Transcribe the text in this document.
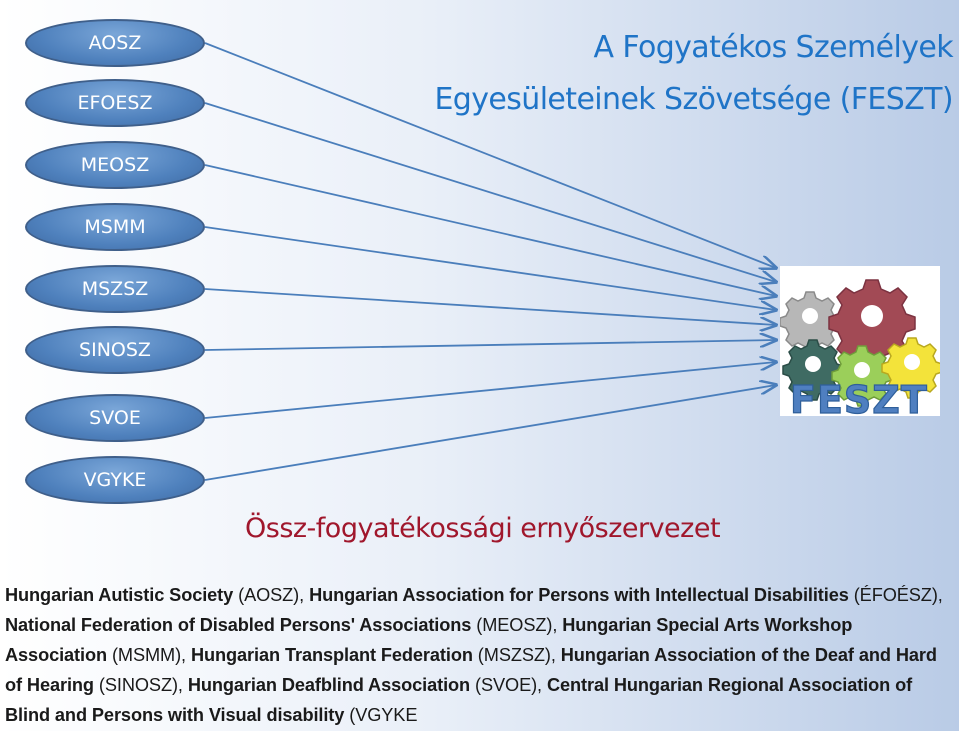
AOSZ
EFOESZ
MEOSZ
MSMM
MSZSZ
SINOSZ
SVOE
VGYKE
A Fogyatékos Személyek
Egyesületeinek Szövetsége (FESZT)
FESZT
Össz-fogyatékossági ernyőszervezet
Hungarian Autistic Society (AOSZ), Hungarian Association for Persons with Intellectual Disabilities (ÉFOÉSZ), National Federation of Disabled Persons' Associations (MEOSZ), Hungarian Special Arts Workshop Association (MSMM), Hungarian Transplant Federation (MSZSZ), Hungarian Association of the Deaf and Hard of Hearing (SINOSZ), Hungarian Deafblind Association (SVOE), Central Hungarian Regional Association of Blind and Persons with Visual disability (VGYKE
